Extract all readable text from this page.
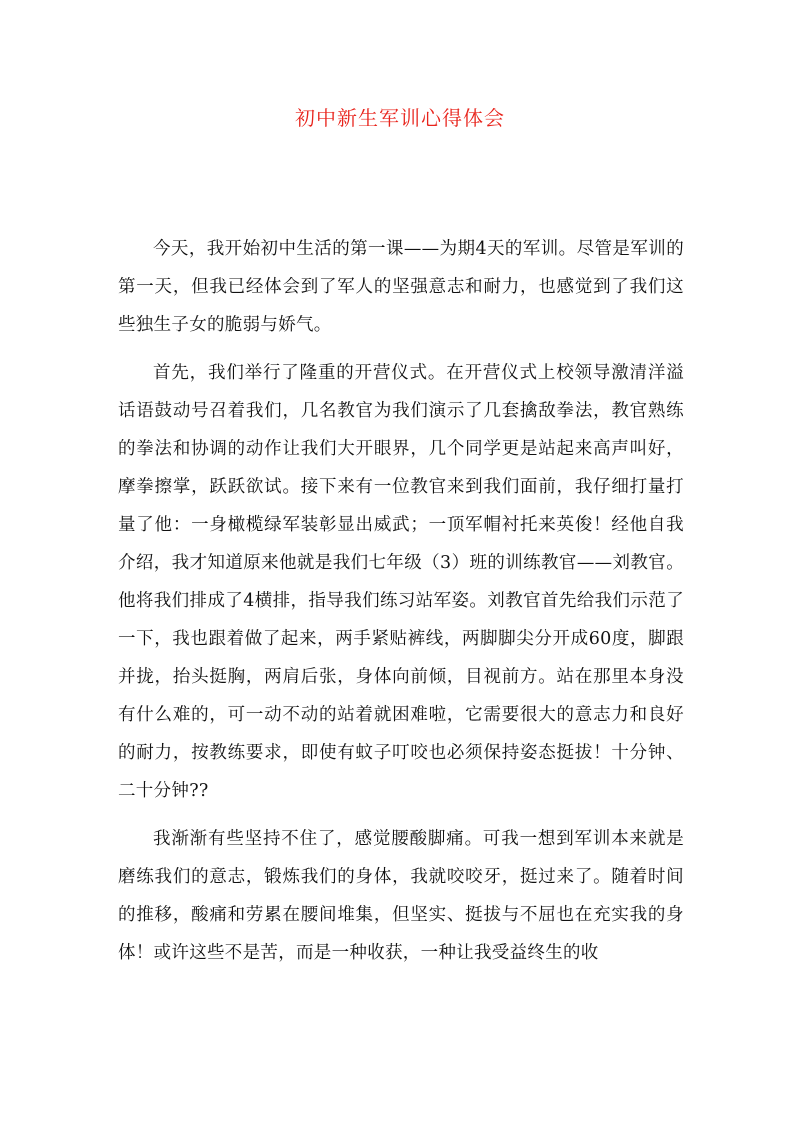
初中新生军训心得体会

今天，我开始初中生活的第一课——为期4天的军训。尽管是军训的第一天，但我已经体会到了军人的坚强意志和耐力，也感觉到了我们这些独生子女的脆弱与娇气。

首先，我们举行了隆重的开营仪式。在开营仪式上校领导激清洋溢话语鼓动号召着我们，几名教官为我们演示了几套擒敌拳法，教官熟练的拳法和协调的动作让我们大开眼界，几个同学更是站起来高声叫好，摩拳擦掌，跃跃欲试。接下来有一位教官来到我们面前，我仔细打量打量了他：一身橄榄绿军装彰显出威武；一顶军帽衬托来英俊！经他自我介绍，我才知道原来他就是我们七年级（3）班的训练教官——刘教官。他将我们排成了4横排，指导我们练习站军姿。刘教官首先给我们示范了一下，我也跟着做了起来，两手紧贴裤线，两脚脚尖分开成60度，脚跟并拢，抬头挺胸，两肩后张，身体向前倾，目视前方。站在那里本身没有什么难的，可一动不动的站着就困难啦，它需要很大的意志力和良好的耐力，按教练要求，即使有蚊子叮咬也必须保持姿态挺拔！十分钟、二十分钟??

我渐渐有些坚持不住了，感觉腰酸脚痛。可我一想到军训本来就是磨练我们的意志，锻炼我们的身体，我就咬咬牙，挺过来了。随着时间的推移，酸痛和劳累在腰间堆集，但坚实、挺拔与不屈也在充实我的身体！或许这些不是苦，而是一种收获，一种让我受益终生的收
